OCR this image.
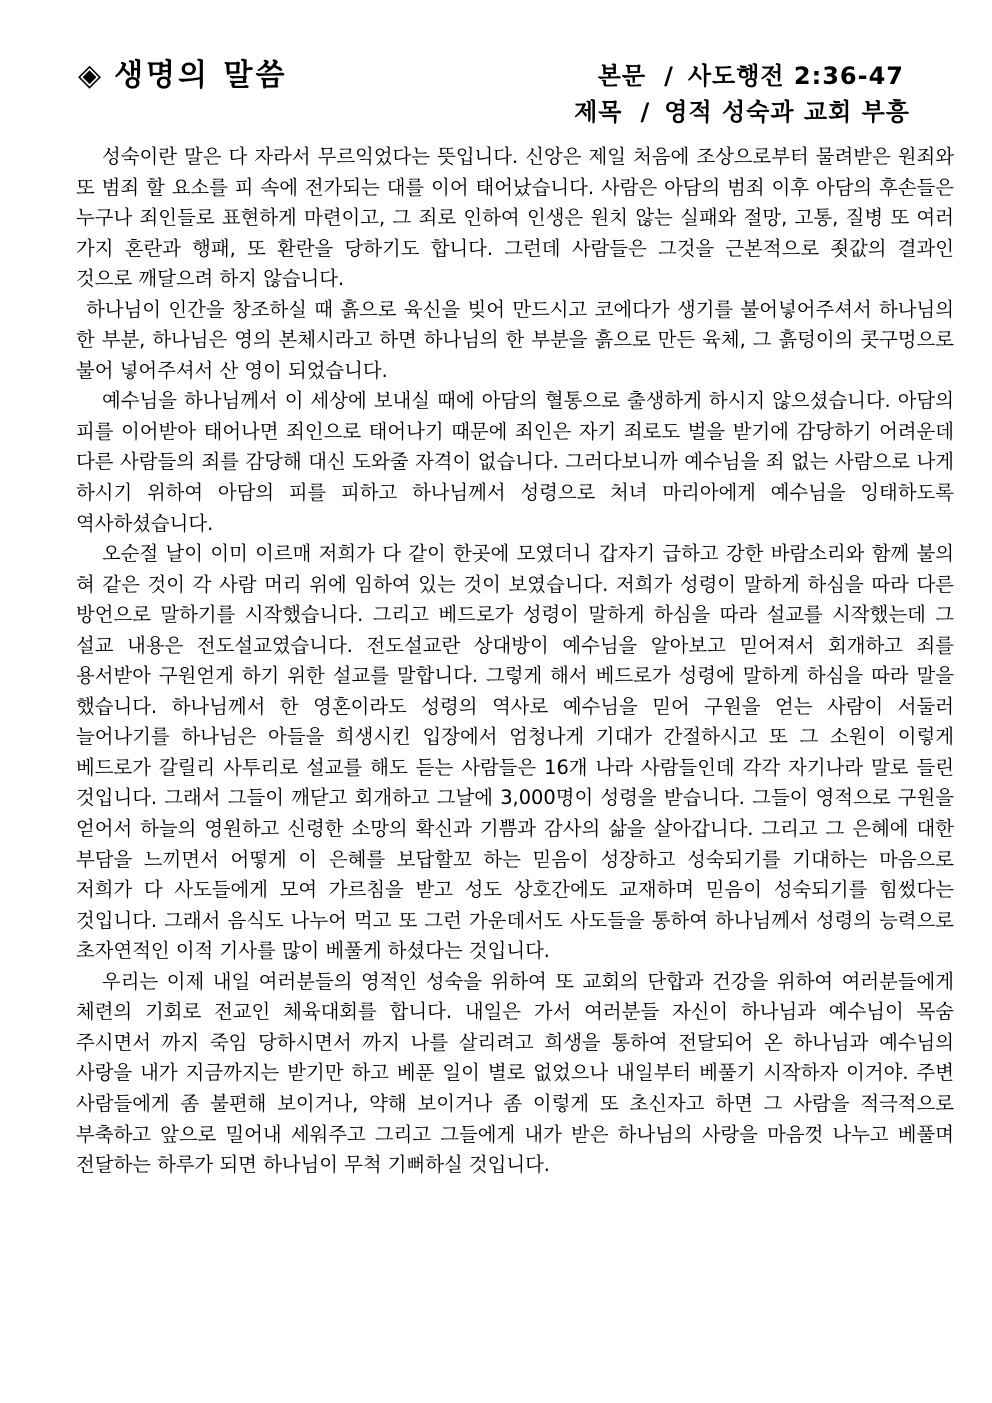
◈ 생명의 말씀	본문 / 사도행전 2:36-47
제목 / 영적 성숙과 교회 부흥

성숙이란 말은 다 자라서 무르익었다는 뜻입니다. 신앙은 제일 처음에 조상으로부터 물려받은 원죄와 또 범죄 할 요소를 피 속에 전가되는 대를 이어 태어났습니다. 사람은 아담의 범죄 이후 아담의 후손들은 누구나 죄인들로 표현하게 마련이고, 그 죄로 인하여 인생은 원치 않는 실패와 절망, 고통, 질병 또 여러 가지 혼란과 행패, 또 환란을 당하기도 합니다. 그런데 사람들은 그것을 근본적으로 죗값의 결과인 것으로 깨달으려 하지 않습니다.

하나님이 인간을 창조하실 때 흙으로 육신을 빚어 만드시고 코에다가 생기를 불어넣어주셔서 하나님의 한 부분, 하나님은 영의 본체시라고 하면 하나님의 한 부분을 흙으로 만든 육체, 그 흙덩이의 콧구멍으로 불어 넣어주셔서 산 영이 되었습니다.

예수님을 하나님께서 이 세상에 보내실 때에 아담의 혈통으로 출생하게 하시지 않으셨습니다. 아담의 피를 이어받아 태어나면 죄인으로 태어나기 때문에 죄인은 자기 죄로도 벌을 받기에 감당하기 어려운데 다른 사람들의 죄를 감당해 대신 도와줄 자격이 없습니다. 그러다보니까 예수님을 죄 없는 사람으로 나게 하시기 위하여 아담의 피를 피하고 하나님께서 성령으로 처녀 마리아에게 예수님을 잉태하도록 역사하셨습니다.

오순절 날이 이미 이르매 저희가 다 같이 한곳에 모였더니 갑자기 급하고 강한 바람소리와 함께 불의 혀 같은 것이 각 사람 머리 위에 임하여 있는 것이 보였습니다. 저희가 성령이 말하게 하심을 따라 다른 방언으로 말하기를 시작했습니다. 그리고 베드로가 성령이 말하게 하심을 따라 설교를 시작했는데 그 설교 내용은 전도설교였습니다. 전도설교란 상대방이 예수님을 알아보고 믿어져서 회개하고 죄를 용서받아 구원얻게 하기 위한 설교를 말합니다. 그렇게 해서 베드로가 성령에 말하게 하심을 따라 말을 했습니다. 하나님께서 한 영혼이라도 성령의 역사로 예수님을 믿어 구원을 얻는 사람이 서둘러 늘어나기를 하나님은 아들을 희생시킨 입장에서 엄청나게 기대가 간절하시고 또 그 소원이 이렇게 베드로가 갈릴리 사투리로 설교를 해도 듣는 사람들은 16개 나라 사람들인데 각각 자기나라 말로 들린 것입니다. 그래서 그들이 깨닫고 회개하고 그날에 3,000명이 성령을 받습니다. 그들이 영적으로 구원을 얻어서 하늘의 영원하고 신령한 소망의 확신과 기쁨과 감사의 삶을 살아갑니다. 그리고 그 은혜에 대한 부담을 느끼면서 어떻게 이 은혜를 보답할꼬 하는 믿음이 성장하고 성숙되기를 기대하는 마음으로 저희가 다 사도들에게 모여 가르침을 받고 성도 상호간에도 교재하며 믿음이 성숙되기를 힘썼다는 것입니다. 그래서 음식도 나누어 먹고 또 그런 가운데서도 사도들을 통하여 하나님께서 성령의 능력으로 초자연적인 이적 기사를 많이 베풀게 하셨다는 것입니다.

우리는 이제 내일 여러분들의 영적인 성숙을 위하여 또 교회의 단합과 건강을 위하여 여러분들에게 체련의 기회로 전교인 체육대회를 합니다. 내일은 가서 여러분들 자신이 하나님과 예수님이 목숨 주시면서 까지 죽임 당하시면서 까지 나를 살리려고 희생을 통하여 전달되어 온 하나님과 예수님의 사랑을 내가 지금까지는 받기만 하고 베푼 일이 별로 없었으나 내일부터 베풀기 시작하자 이거야. 주변 사람들에게 좀 불편해 보이거나, 약해 보이거나 좀 이렇게 또 초신자고 하면 그 사람을 적극적으로 부축하고 앞으로 밀어내 세워주고 그리고 그들에게 내가 받은 하나님의 사랑을 마음껏 나누고 베풀며 전달하는 하루가 되면 하나님이 무척 기뻐하실 것입니다.
